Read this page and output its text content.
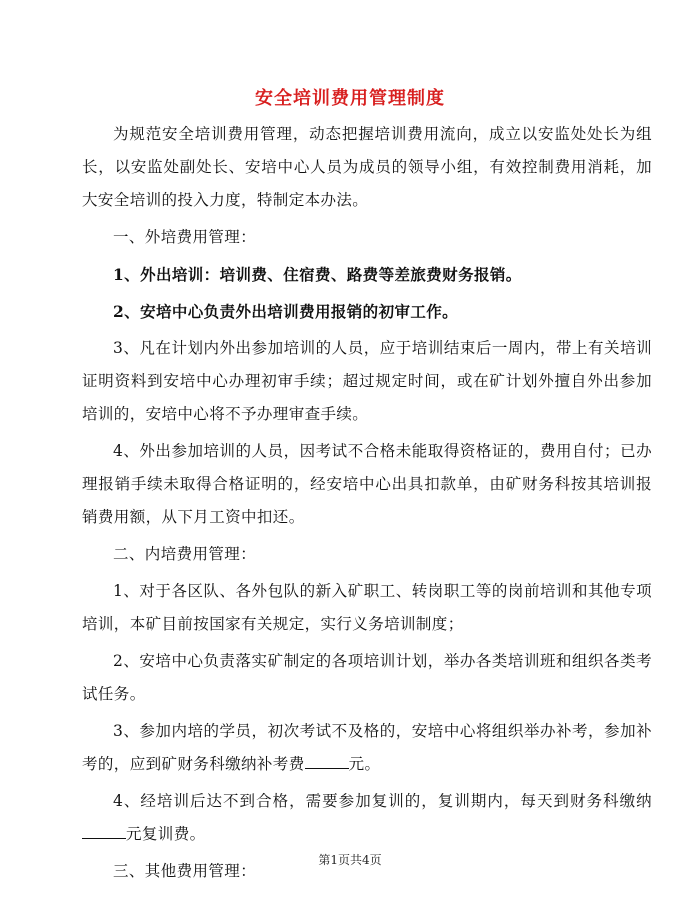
安全培训费用管理制度

为规范安全培训费用管理，动态把握培训费用流向，成立以安监处处长为组长，以安监处副处长、安培中心人员为成员的领导小组，有效控制费用消耗，加大安全培训的投入力度，特制定本办法。

一、外培费用管理：

1、外出培训：培训费、住宿费、路费等差旅费财务报销。

2、安培中心负责外出培训费用报销的初审工作。

3、凡在计划内外出参加培训的人员，应于培训结束后一周内，带上有关培训证明资料到安培中心办理初审手续；超过规定时间，或在矿计划外擅自外出参加培训的，安培中心将不予办理审查手续。

4、外出参加培训的人员，因考试不合格未能取得资格证的，费用自付；已办理报销手续未取得合格证明的，经安培中心出具扣款单，由矿财务科按其培训报销费用额，从下月工资中扣还。

二、内培费用管理：

1、对于各区队、各外包队的新入矿职工、转岗职工等的岗前培训和其他专项培训，本矿目前按国家有关规定，实行义务培训制度；

2、安培中心负责落实矿制定的各项培训计划，举办各类培训班和组织各类考试任务。

3、参加内培的学员，初次考试不及格的，安培中心将组织举办补考，参加补考的，应到矿财务科缴纳补考费	元。

4、经培训后达不到合格，需要参加复训的，复训期内，每天到财务科缴纳元复训费。

三、其他费用管理：

第1页共4页
